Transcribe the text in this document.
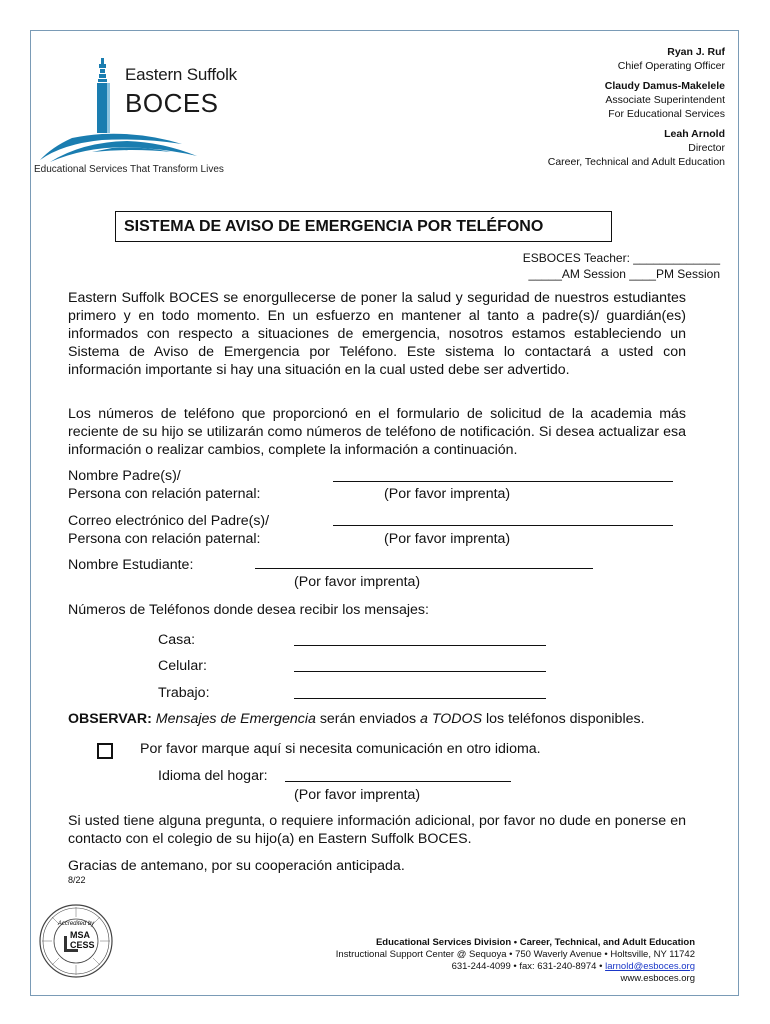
Eastern Suffolk
BOCES
Educational Services That Transform Lives
Ryan J. Ruf
Chief Operating Officer
Claudy Damus-Makelele
Associate Superintendent
For Educational Services
Leah Arnold
Director
Career, Technical and Adult Education
SISTEMA DE AVISO DE EMERGENCIA POR TELÉFONO
ESBOCES Teacher: _____________
_____AM Session ____PM Session
Eastern Suffolk BOCES se enorgullecerse de poner la salud y seguridad de nuestros estudiantes primero y en todo momento. En un esfuerzo en mantener al tanto a padre(s)/ guardián(es) informados con respecto a situaciones de emergencia, nosotros estamos estableciendo un Sistema de Aviso de Emergencia por Teléfono. Este sistema lo contactará a usted con información importante si hay una situación en la cual usted debe ser advertido.
Los números de teléfono que proporcionó en el formulario de solicitud de la academia más reciente de su hijo se utilizarán como números de teléfono de notificación. Si desea actualizar esa información o realizar cambios, complete la información a continuación.
Nombre Padre(s)/
Persona con relación paternal:	(Por favor imprenta)
Correo electrónico del Padre(s)/
Persona con relación paternal:	(Por favor imprenta)
Nombre Estudiante:
(Por favor imprenta)
Números de Teléfonos donde desea recibir los mensajes:
Casa:
Celular:
Trabajo:
OBSERVAR: Mensajes de Emergencia serán enviados a TODOS los teléfonos disponibles.
Por favor marque aquí si necesita comunicación en otro idioma.
Idioma del hogar:
(Por favor imprenta)
Si usted tiene alguna pregunta, o requiere información adicional, por favor no dude en ponerse en contacto con el colegio de su hijo(a) en Eastern Suffolk BOCES.
Gracias de antemano, por su cooperación anticipada.
8/22
Accredited by
MSA
CESS	Educational Services Division • Career, Technical, and Adult Education
Instructional Support Center @ Sequoya • 750 Waverly Avenue • Holtsville, NY 11742
631-244-4099 • fax: 631-240-8974 • larnold@esboces.org
www.esboces.org
